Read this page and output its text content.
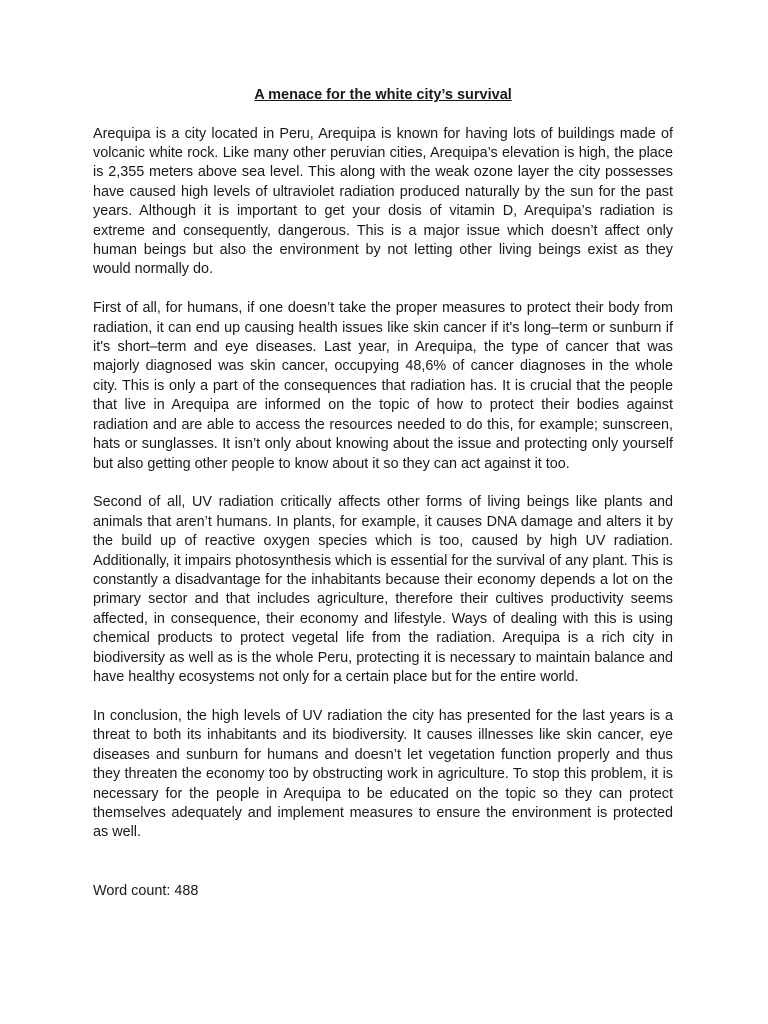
A menace for the white city’s survival

Arequipa is a city located in Peru, Arequipa is known for having lots of buildings made of volcanic white rock. Like many other peruvian cities, Arequipa’s elevation is high, the place is 2,355 meters above sea level. This along with the weak ozone layer the city possesses have caused high levels of ultraviolet radiation produced naturally by the sun for the past years. Although it is important to get your dosis of vitamin D, Arequipa’s radiation is extreme and consequently, dangerous. This is a major issue which doesn’t affect only human beings but also the environment by not letting other living beings exist as they would normally do.

First of all, for humans, if one doesn’t take the proper measures to protect their body from radiation, it can end up causing health issues like skin cancer if it's long–term or sunburn if it's short–term and eye diseases. Last year, in Arequipa, the type of cancer that was majorly diagnosed was skin cancer, occupying 48,6% of cancer diagnoses in the whole city. This is only a part of the consequences that radiation has. It is crucial that the people that live in Arequipa are informed on the topic of how to protect their bodies against radiation and are able to access the resources needed to do this, for example; sunscreen, hats or sunglasses. It isn’t only about knowing about the issue and protecting only yourself but also getting other people to know about it so they can act against it too.

Second of all, UV radiation critically affects other forms of living beings like plants and animals that aren’t humans. In plants, for example, it causes DNA damage and alters it by the build up of reactive oxygen species which is too, caused by high UV radiation. Additionally, it impairs photosynthesis which is essential for the survival of any plant. This is constantly a disadvantage for the inhabitants because their economy depends a lot on the primary sector and that includes agriculture, therefore their cultives productivity seems affected, in consequence, their economy and lifestyle. Ways of dealing with this is using chemical products to protect vegetal life from the radiation. Arequipa is a rich city in biodiversity as well as is the whole Peru, protecting it is necessary to maintain balance and have healthy ecosystems not only for a certain place but for the entire world.

In conclusion, the high levels of UV radiation the city has presented for the last years is a threat to both its inhabitants and its biodiversity. It causes illnesses like skin cancer, eye diseases and sunburn for humans and doesn’t let vegetation function properly and thus they threaten the economy too by obstructing work in agriculture. To stop this problem, it is necessary for the people in Arequipa to be educated on the topic so they can protect themselves adequately and implement measures to ensure the environment is protected as well.

Word count: 488
